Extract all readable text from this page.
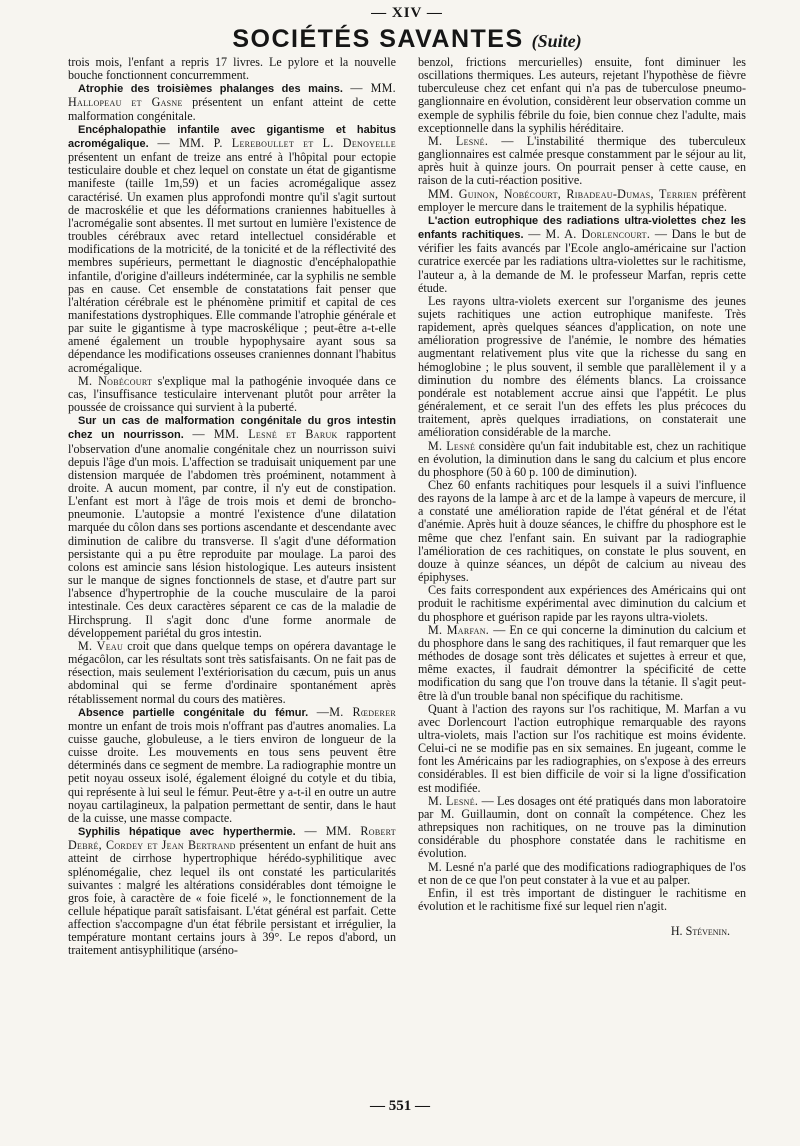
— XIV —
SOCIÉTÉS SAVANTES (Suite)

trois mois, l'enfant a repris 17 livres. Le pylore et la nouvelle bouche fonctionnent concurremment.

Atrophie des troisièmes phalanges des mains. — MM. Hallopeau et Gasne présentent un enfant atteint de cette malformation congénitale.

Encéphalopathie infantile avec gigantisme et habitus acromégalique. — MM. P. Lereboullet et L. Denoyelle présentent un enfant de treize ans entré à l'hôpital pour ectopie testiculaire double et chez lequel on constate un état de gigantisme manifeste (taille 1m,59) et un facies acromégalique assez caractérisé. Un examen plus approfondi montre qu'il s'agit surtout de macroskélie et que les déformations craniennes habituelles à l'acromégalie sont absentes. Il met surtout en lumière l'existence de troubles cérébraux avec retard intellectuel considérable et modifications de la motricité, de la tonicité et de la réflectivité des membres supérieurs, permettant le diagnostic d'encéphalopathie infantile, d'origine d'ailleurs indéterminée, car la syphilis ne semble pas en cause. Cet ensemble de constatations fait penser que l'altération cérébrale est le phénomène primitif et capital de ces manifestations dystrophiques. Elle commande l'atrophie générale et par suite le gigantisme à type macroskélique ; peut-être a-t-elle amené également un trouble hypophysaire ayant sous sa dépendance les modifications osseuses craniennes donnant l'habitus acromégalique.

M. Nobécourt s'explique mal la pathogénie invoquée dans ce cas, l'insuffisance testiculaire intervenant plutôt pour arrêter la poussée de croissance qui survient à la puberté.

Sur un cas de malformation congénitale du gros intestin chez un nourrisson. — MM. Lesné et Baruk rapportent l'observation d'une anomalie congénitale chez un nourrisson suivi depuis l'âge d'un mois. L'affection se traduisait uniquement par une distension marquée de l'abdomen très proéminent, notamment à droite. A aucun moment, par contre, il n'y eut de constipation. L'enfant est mort à l'âge de trois mois et demi de broncho-pneumonie. L'autopsie a montré l'existence d'une dilatation marquée du côlon dans ses portions ascendante et descendante avec diminution de calibre du transverse. Il s'agit d'une déformation persistante qui a pu être reproduite par moulage. La paroi des colons est amincie sans lésion histologique. Les auteurs insistent sur le manque de signes fonctionnels de stase, et d'autre part sur l'absence d'hypertrophie de la couche musculaire de la paroi intestinale. Ces deux caractères séparent ce cas de la maladie de Hirchsprung. Il s'agit donc d'une forme anormale de développement pariétal du gros intestin.

M. Veau croit que dans quelque temps on opérera davantage le mégacôlon, car les résultats sont très satisfaisants. On ne fait pas de résection, mais seulement l'extériorisation du cæcum, puis un anus abdominal qui se ferme d'ordinaire spontanément après rétablissement normal du cours des matières.

Absence partielle congénitale du fémur. —M. Rœderer montre un enfant de trois mois n'offrant pas d'autres anomalies. La cuisse gauche, globuleuse, a le tiers environ de longueur de la cuisse droite. Les mouvements en tous sens peuvent être déterminés dans ce segment de membre. La radiographie montre un petit noyau osseux isolé, également éloigné du cotyle et du tibia, qui représente à lui seul le fémur. Peut-être y a-t-il en outre un autre noyau cartilagineux, la palpation permettant de sentir, dans le haut de la cuisse, une masse compacte.

Syphilis hépatique avec hyperthermie. — MM. Robert Debré, Cordey et Jean Bertrand présentent un enfant de huit ans atteint de cirrhose hypertrophique hérédo-syphilitique avec splénomégalie, chez lequel ils ont constaté les particularités suivantes : malgré les altérations considérables dont témoigne le gros foie, à caractère de « foie ficelé », le fonctionnement de la cellule hépatique paraît satisfaisant. L'état général est parfait. Cette affection s'accompagne d'un état fébrile persistant et irrégulier, la température montant certains jours à 39°. Le repos d'abord, un traitement antisyphilitique (arséno-

benzol, frictions mercurielles) ensuite, font diminuer les oscillations thermiques. Les auteurs, rejetant l'hypothèse de fièvre tuberculeuse chez cet enfant qui n'a pas de tuberculose pneumo-ganglionnaire en évolution, considèrent leur observation comme un exemple de syphilis fébrile du foie, bien connue chez l'adulte, mais exceptionnelle dans la syphilis héréditaire.

M. Lesné. — L'instabilité thermique des tuberculeux ganglionnaires est calmée presque constamment par le séjour au lit, après huit à quinze jours. On pourrait penser à cette cause, en raison de la cuti-réaction positive.

MM. Guinon, Nobécourt, Ribadeau-Dumas, Terrien préfèrent employer le mercure dans le traitement de la syphilis hépatique.

L'action eutrophique des radiations ultra-violettes chez les enfants rachitiques. — M. A. Dorlencourt. — Dans le but de vérifier les faits avancés par l'Ecole anglo-américaine sur l'action curatrice exercée par les radiations ultra-violettes sur le rachitisme, l'auteur a, à la demande de M. le professeur Marfan, repris cette étude.

Les rayons ultra-violets exercent sur l'organisme des jeunes sujets rachitiques une action eutrophique manifeste. Très rapidement, après quelques séances d'application, on note une amélioration progressive de l'anémie, le nombre des hématies augmentant relativement plus vite que la richesse du sang en hémoglobine ; le plus souvent, il semble que parallèlement il y a diminution du nombre des éléments blancs. La croissance pondérale est notablement accrue ainsi que l'appétit. Le plus généralement, et ce serait l'un des effets les plus précoces du traitement, après quelques irradiations, on constaterait une amélioration considérable de la marche.

M. Lesné considère qu'un fait indubitable est, chez un rachitique en évolution, la diminution dans le sang du calcium et plus encore du phosphore (50 à 60 p. 100 de diminution).

Chez 60 enfants rachitiques pour lesquels il a suivi l'influence des rayons de la lampe à arc et de la lampe à vapeurs de mercure, il a constaté une amélioration rapide de l'état général et de l'état d'anémie. Après huit à douze séances, le chiffre du phosphore est le même que chez l'enfant sain. En suivant par la radiographie l'amélioration de ces rachitiques, on constate le plus souvent, en douze à quinze séances, un dépôt de calcium au niveau des épiphyses.

Ces faits correspondent aux expériences des Américains qui ont produit le rachitisme expérimental avec diminution du calcium et du phosphore et guérison rapide par les rayons ultra-violets.

M. Marfan. — En ce qui concerne la diminution du calcium et du phosphore dans le sang des rachitiques, il faut remarquer que les méthodes de dosage sont très délicates et sujettes à erreur et que, même exactes, il faudrait démontrer la spécificité de cette modification du sang que l'on trouve dans la tétanie. Il s'agit peut-être là d'un trouble banal non spécifique du rachitisme.

Quant à l'action des rayons sur l'os rachitique, M. Marfan a vu avec Dorlencourt l'action eutrophique remarquable des rayons ultra-violets, mais l'action sur l'os rachitique est moins évidente. Celui-ci ne se modifie pas en six semaines. En jugeant, comme le font les Américains par les radiographies, on s'expose à des erreurs considérables. Il est bien difficile de voir si la ligne d'ossification est modifiée.

M. Lesné. — Les dosages ont été pratiqués dans mon laboratoire par M. Guillaumin, dont on connaît la compétence. Chez les athrepsiques non rachitiques, on ne trouve pas la diminution considérable du phosphore constatée dans le rachitisme en évolution.

M. Lesné n'a parlé que des modifications radiographiques de l'os et non de ce que l'on peut constater à la vue et au palper.

Enfin, il est très important de distinguer le rachitisme en évolution et le rachitisme fixé sur lequel rien n'agit.

H. Stévenin.

— 551 —
